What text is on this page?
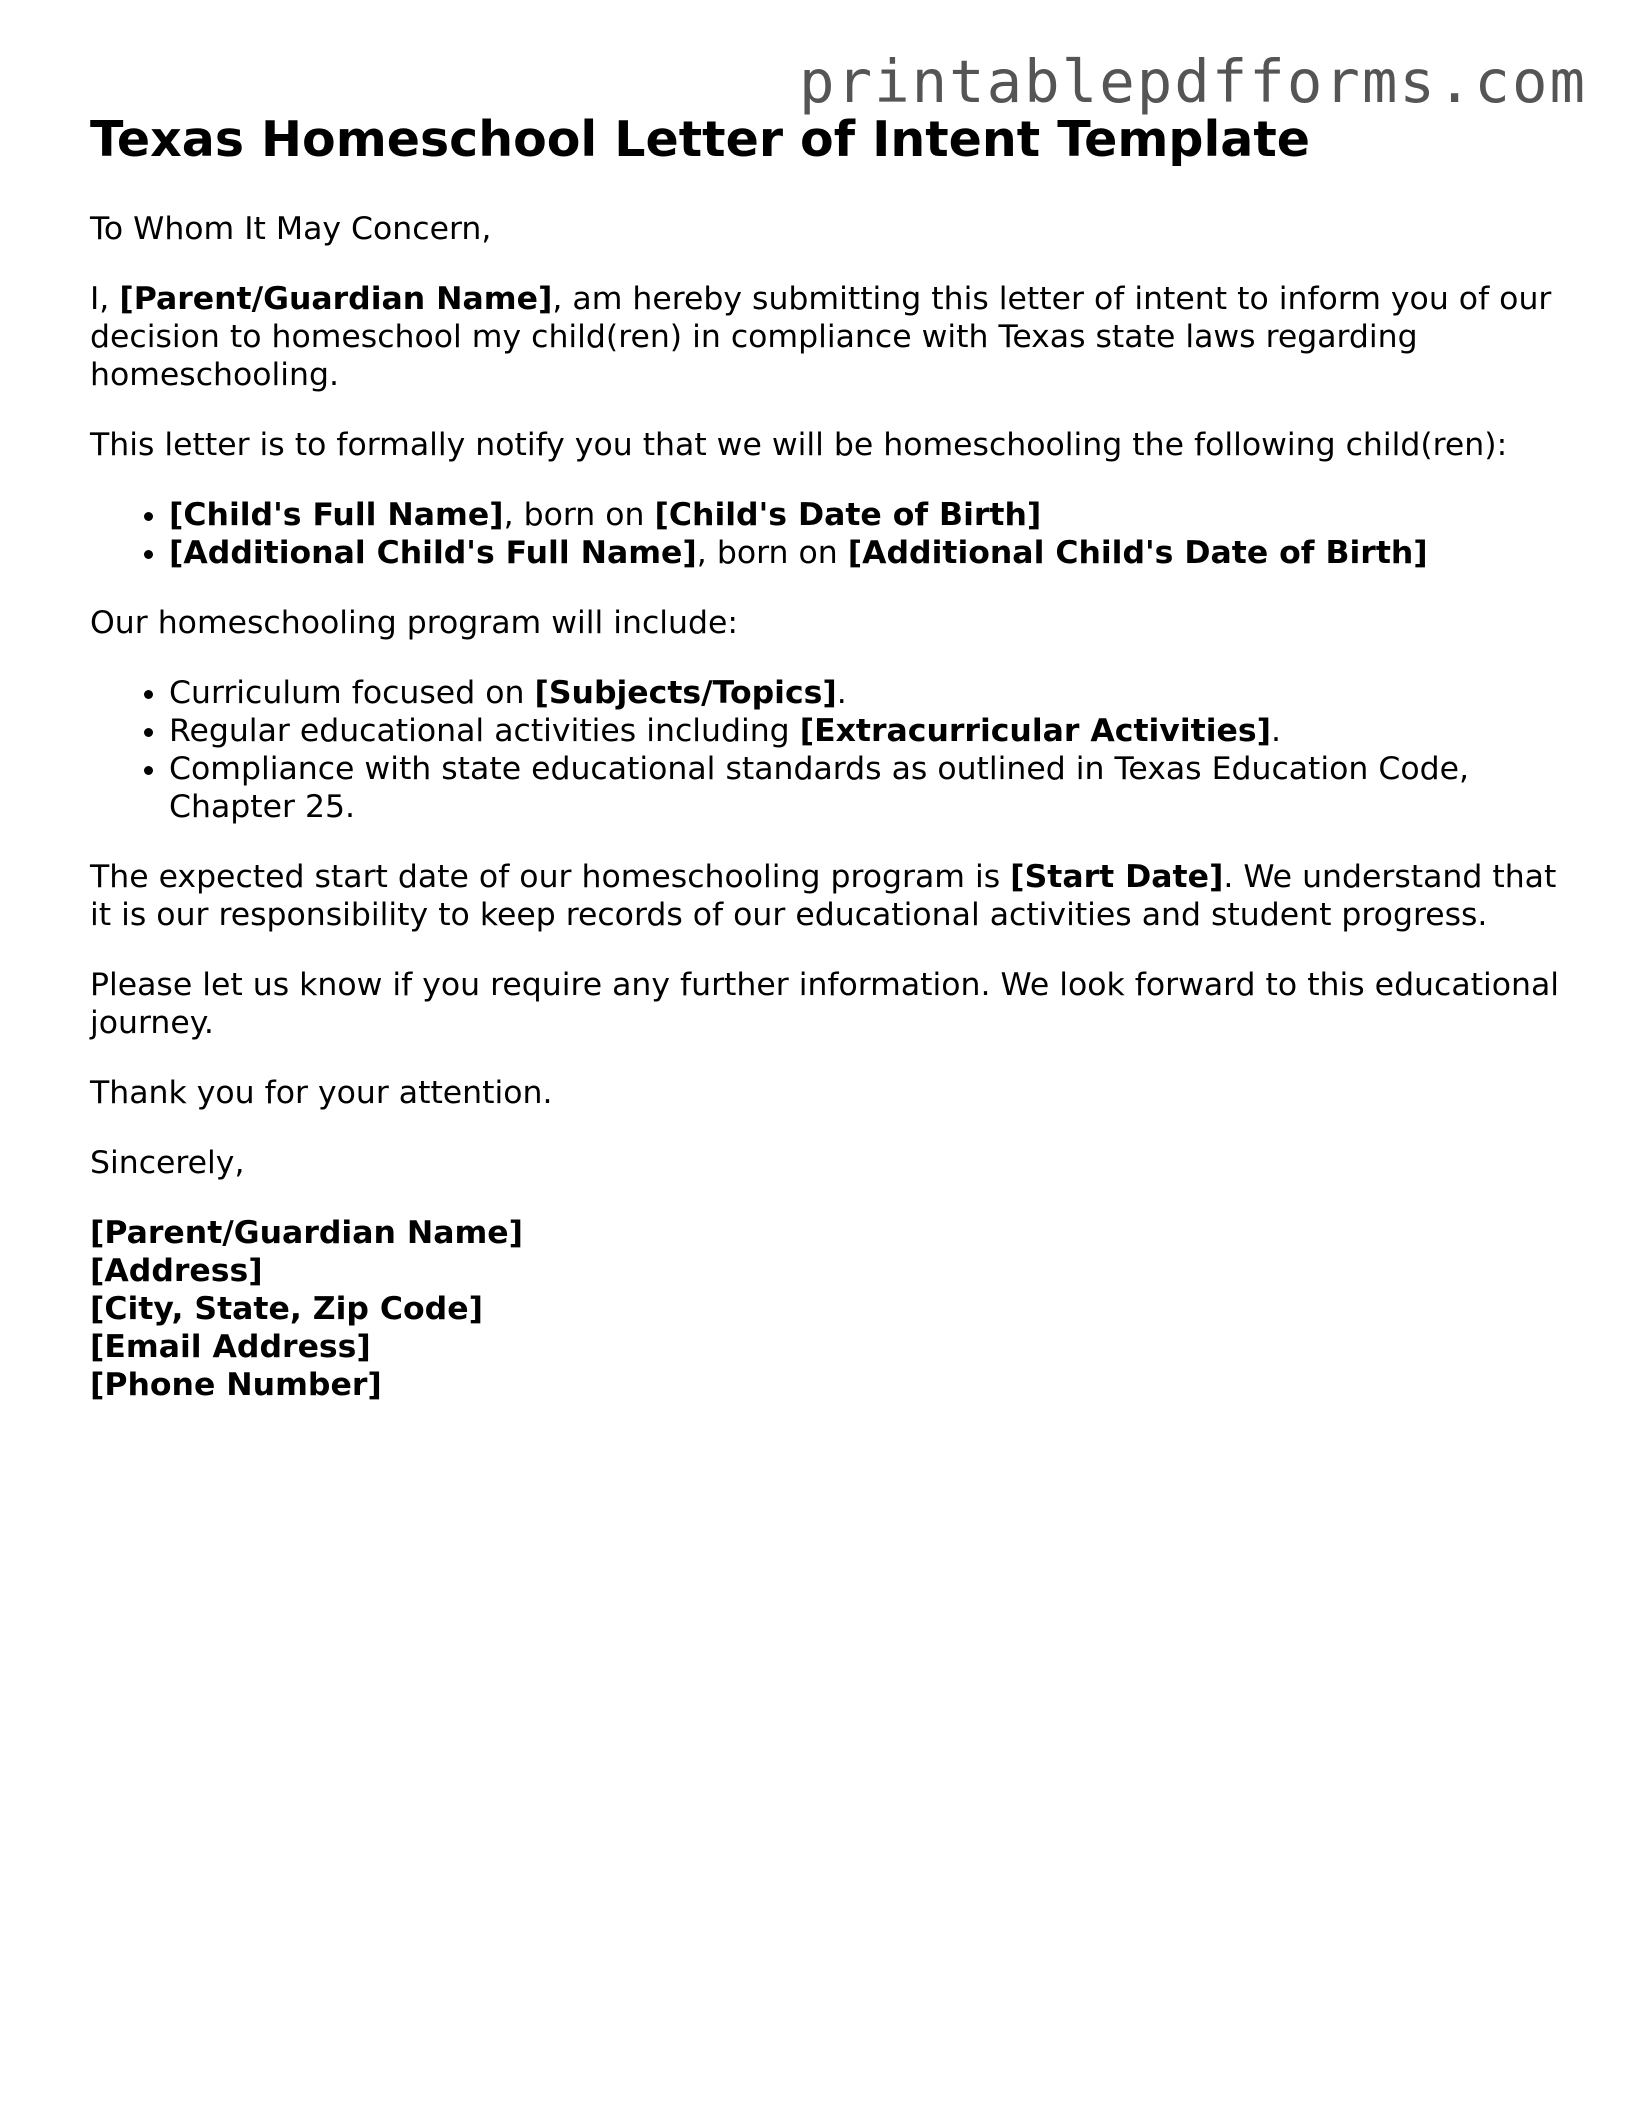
printablepdfforms.com
Texas Homeschool Letter of Intent Template

To Whom It May Concern,

I, [Parent/Guardian Name], am hereby submitting this letter of intent to inform you of our decision to homeschool my child(ren) in compliance with Texas state laws regarding homeschooling.

This letter is to formally notify you that we will be homeschooling the following child(ren):

• [Child's Full Name], born on [Child's Date of Birth]
• [Additional Child's Full Name], born on [Additional Child's Date of Birth]

Our homeschooling program will include:

• Curriculum focused on [Subjects/Topics].
• Regular educational activities including [Extracurricular Activities].
• Compliance with state educational standards as outlined in Texas Education Code, Chapter 25.

The expected start date of our homeschooling program is [Start Date]. We understand that it is our responsibility to keep records of our educational activities and student progress.

Please let us know if you require any further information. We look forward to this educational journey.

Thank you for your attention.

Sincerely,

[Parent/Guardian Name]
[Address]
[City, State, Zip Code]
[Email Address]
[Phone Number]
